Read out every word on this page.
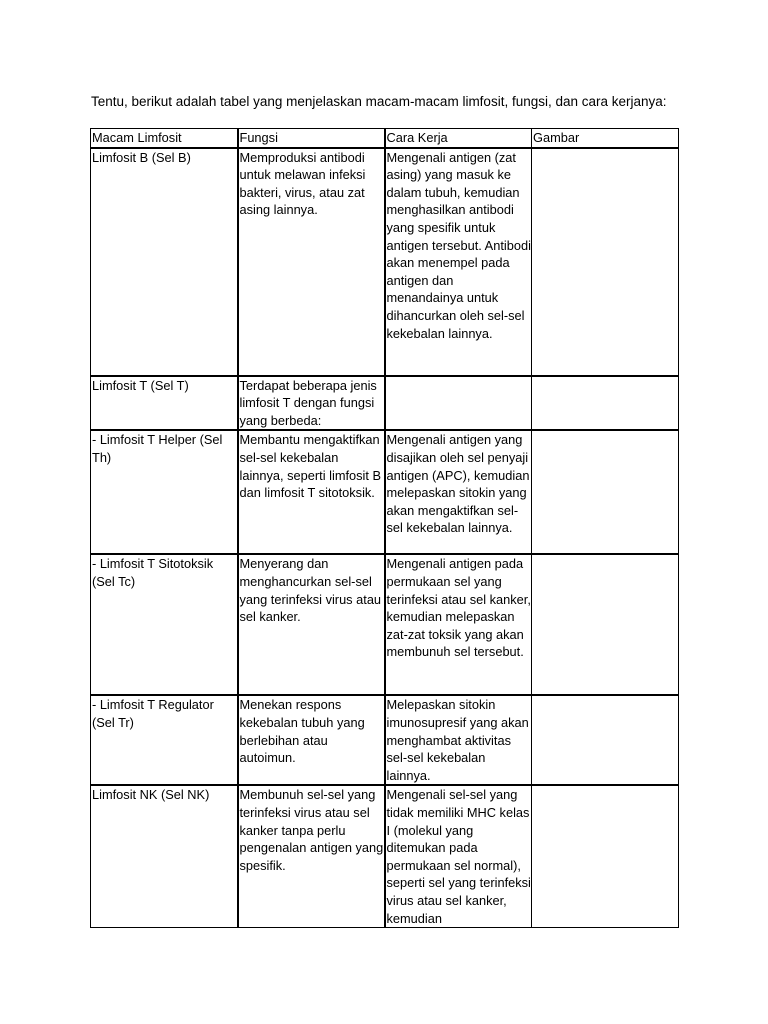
Tentu, berikut adalah tabel yang menjelaskan macam-macam limfosit, fungsi, dan cara kerjanya:
Macam Limfosit	Fungsi	Cara Kerja	Gambar
Limfosit B (Sel B)	Memproduksi antibodi untuk melawan infeksi bakteri, virus, atau zat asing lainnya.	Mengenali antigen (zat asing) yang masuk ke dalam tubuh, kemudian menghasilkan antibodi yang spesifik untuk antigen tersebut. Antibodi akan menempel pada antigen dan menandainya untuk dihancurkan oleh sel-sel kekebalan lainnya.	
Limfosit T (Sel T)	Terdapat beberapa jenis limfosit T dengan fungsi yang berbeda:		
- Limfosit T Helper (Sel Th)	Membantu mengaktifkan sel-sel kekebalan lainnya, seperti limfosit B dan limfosit T sitotoksik.	Mengenali antigen yang disajikan oleh sel penyaji antigen (APC), kemudian melepaskan sitokin yang akan mengaktifkan sel-sel kekebalan lainnya.	
- Limfosit T Sitotoksik (Sel Tc)	Menyerang dan menghancurkan sel-sel yang terinfeksi virus atau sel kanker.	Mengenali antigen pada permukaan sel yang terinfeksi atau sel kanker, kemudian melepaskan zat-zat toksik yang akan membunuh sel tersebut.	
- Limfosit T Regulator (Sel Tr)	Menekan respons kekebalan tubuh yang berlebihan atau autoimun.	Melepaskan sitokin imunosupresif yang akan menghambat aktivitas sel-sel kekebalan lainnya.	
Limfosit NK (Sel NK)	Membunuh sel-sel yang terinfeksi virus atau sel kanker tanpa perlu pengenalan antigen yang spesifik.	Mengenali sel-sel yang tidak memiliki MHC kelas I (molekul yang ditemukan pada permukaan sel normal), seperti sel yang terinfeksi virus atau sel kanker, kemudian	
